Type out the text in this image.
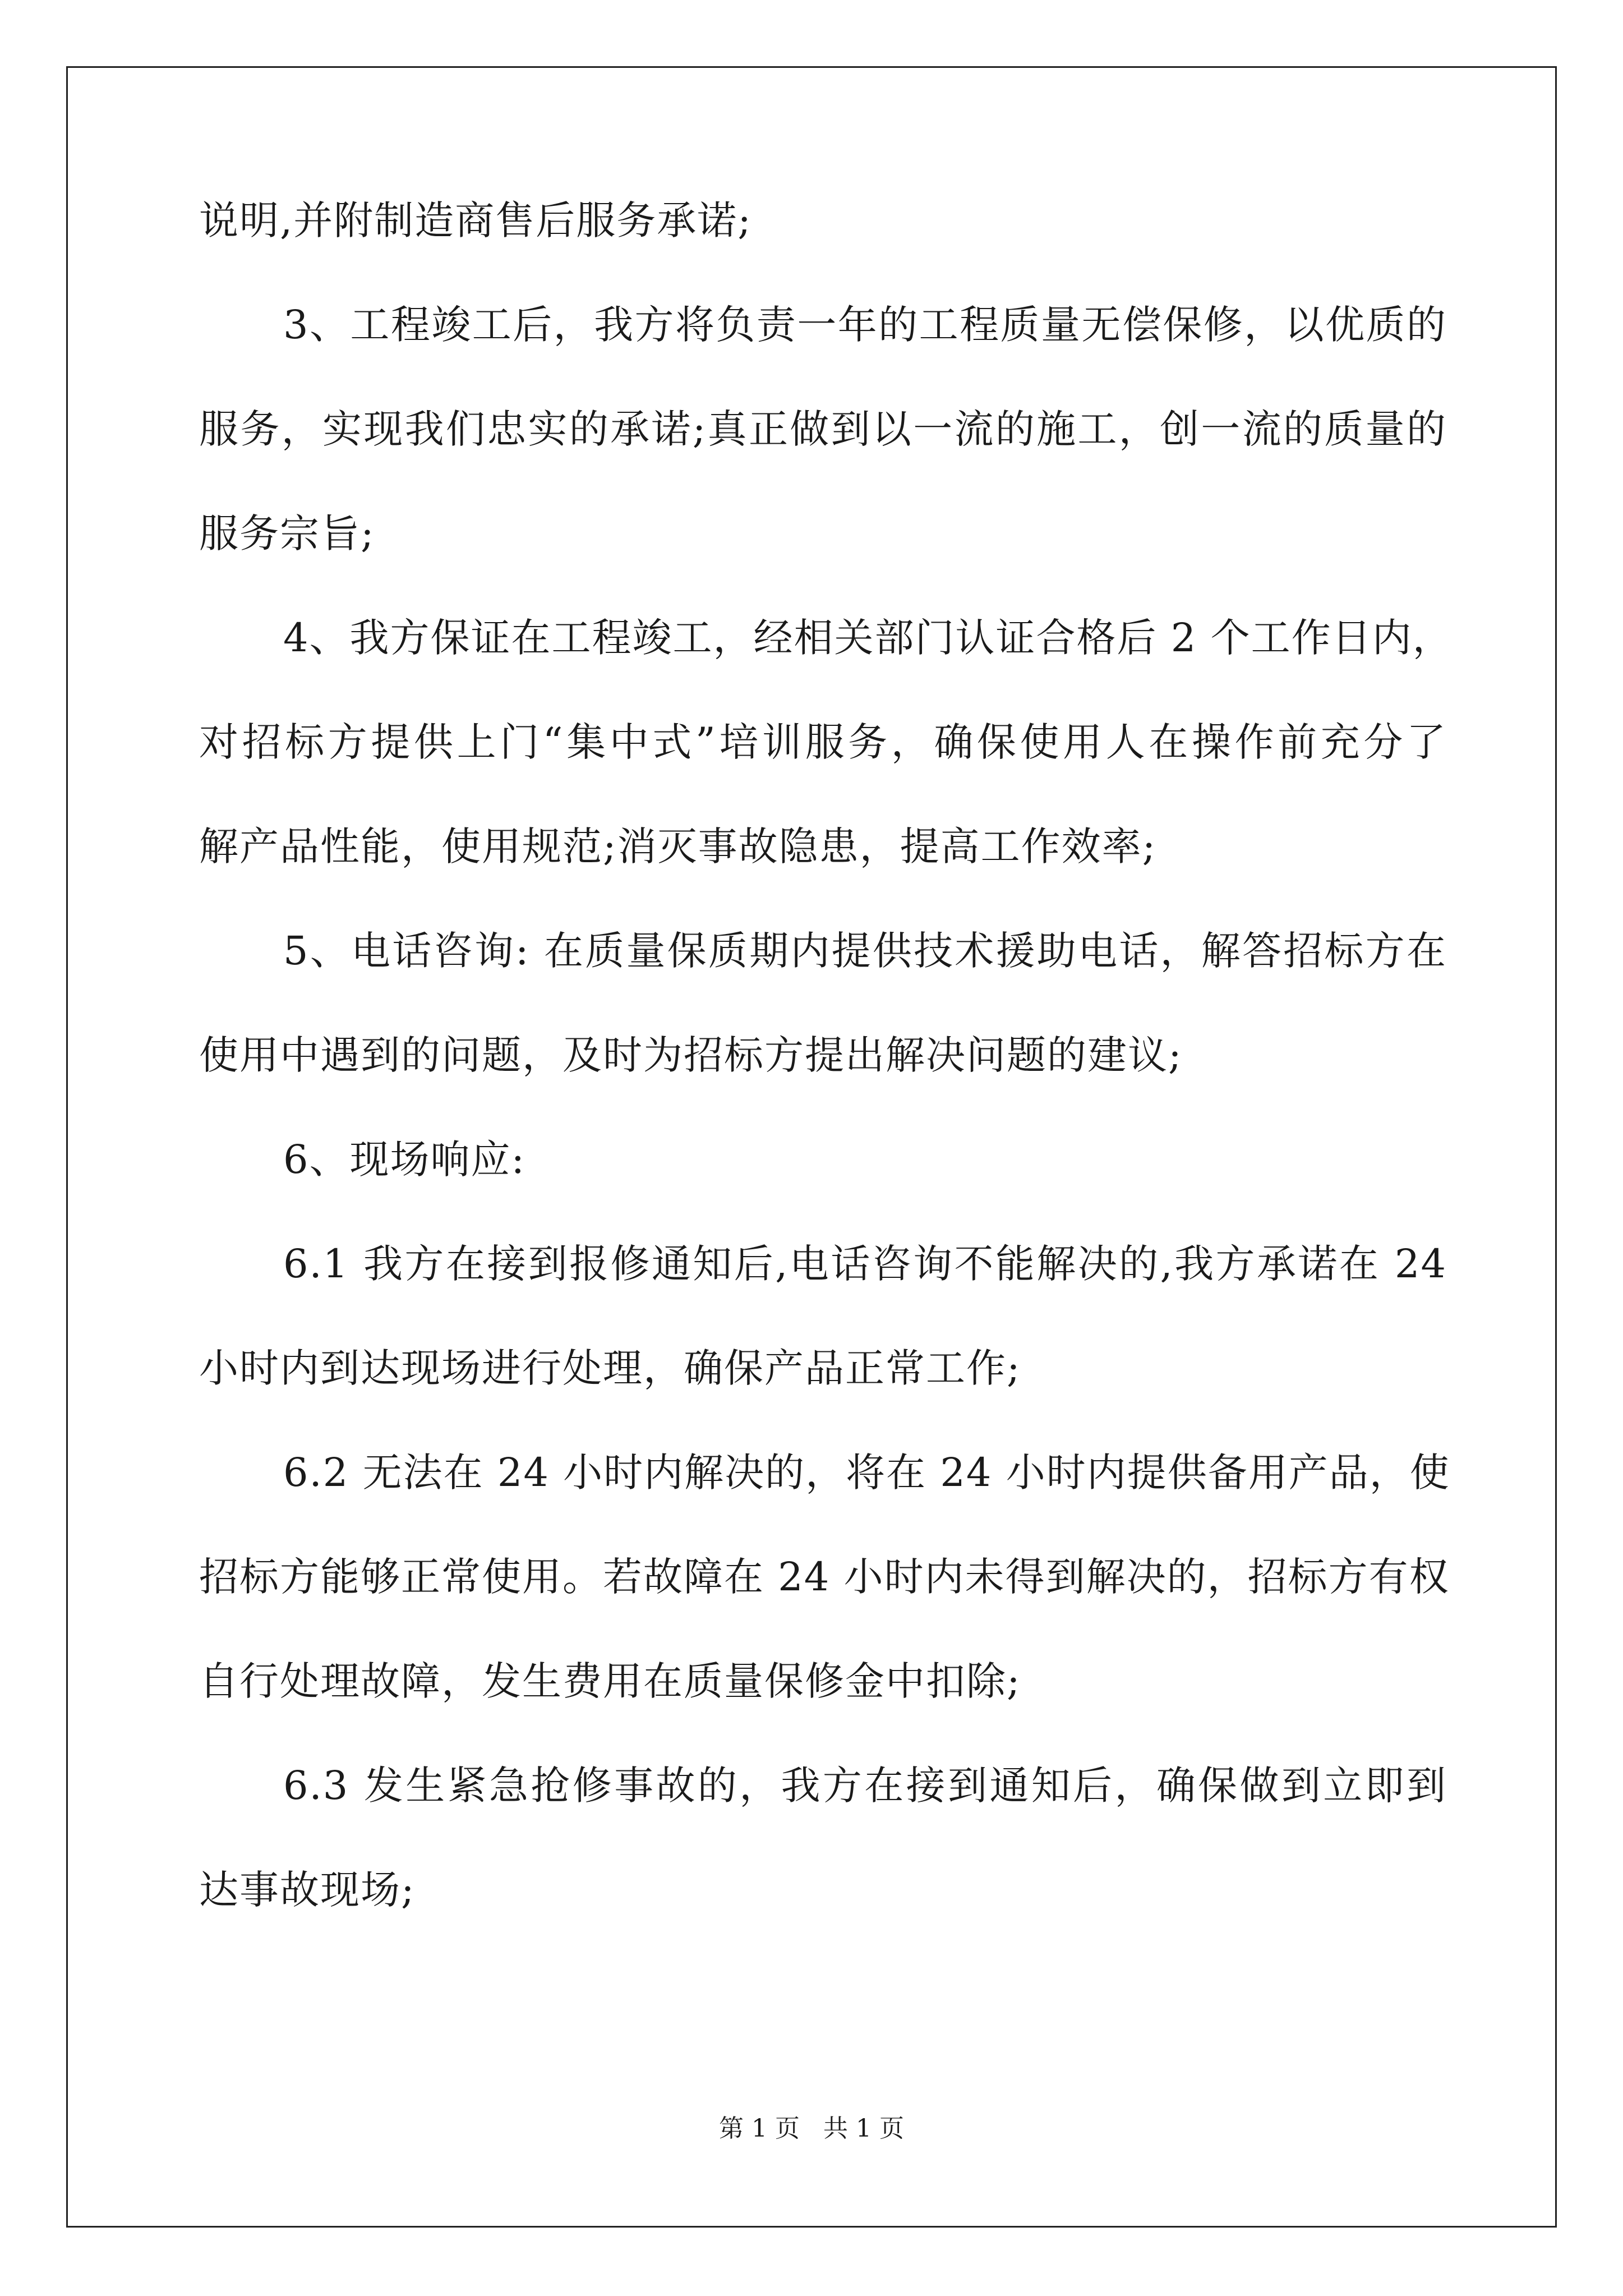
说明,并附制造商售后服务承诺;
3、工程竣工后，我方将负责一年的工程质量无偿保修，以优质的
服务，实现我们忠实的承诺;真正做到以一流的施工，创一流的质量的
服务宗旨;
4、我方保证在工程竣工，经相关部门认证合格后 2 个工作日内，
对招标方提供上门“集中式”培训服务，确保使用人在操作前充分了
解产品性能，使用规范;消灭事故隐患，提高工作效率;
5、电话咨询: 在质量保质期内提供技术援助电话，解答招标方在
使用中遇到的问题，及时为招标方提出解决问题的建议;
6、现场响应:
6.1 我方在接到报修通知后,电话咨询不能解决的,我方承诺在 24
小时内到达现场进行处理，确保产品正常工作;
6.2 无法在 24 小时内解决的，将在 24 小时内提供备用产品，使
招标方能够正常使用。若故障在 24 小时内未得到解决的，招标方有权
自行处理故障，发生费用在质量保修金中扣除;
6.3 发生紧急抢修事故的，我方在接到通知后，确保做到立即到
达事故现场;
第 1 页   共 1 页
